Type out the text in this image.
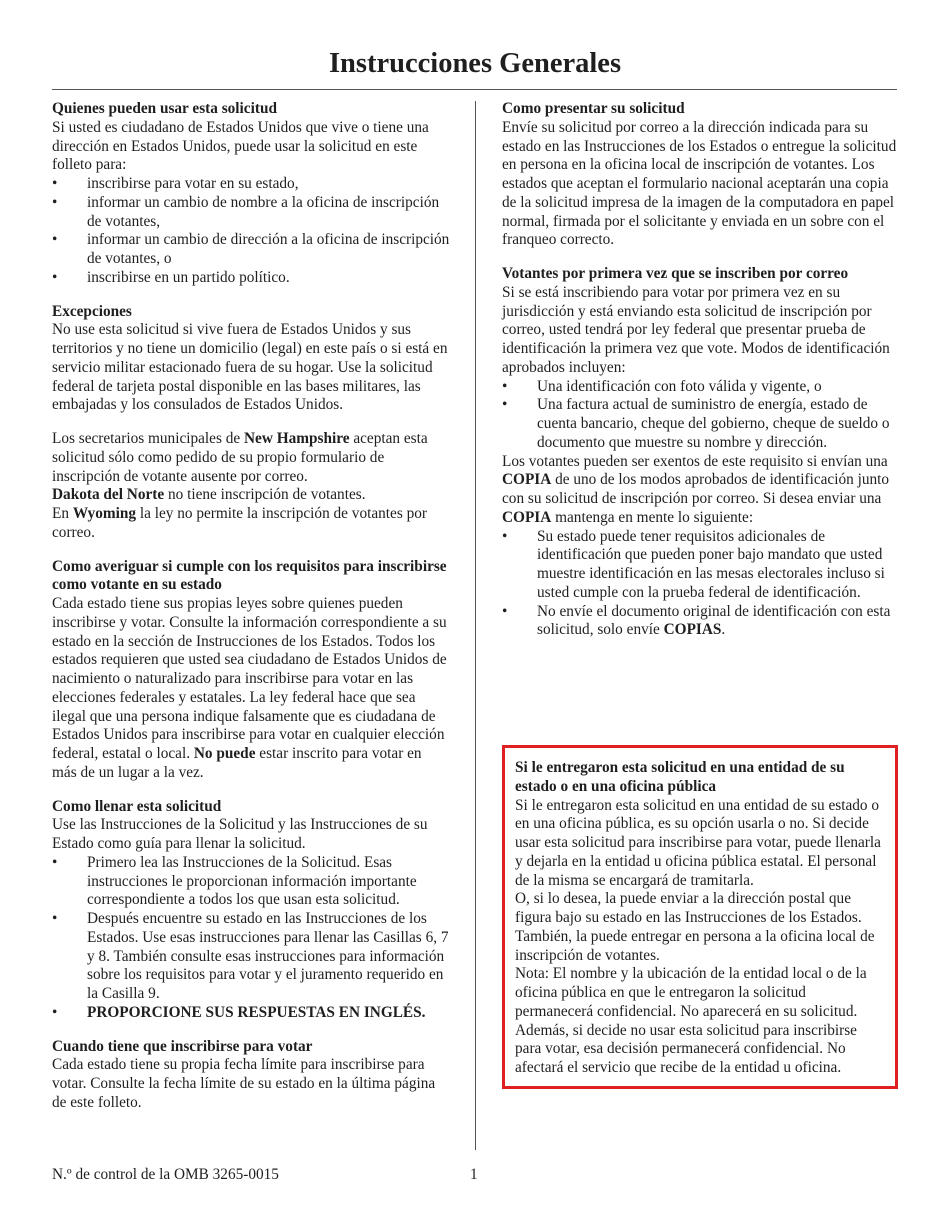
Instrucciones Generales
Quienes pueden usar esta solicitud

Si usted es ciudadano de Estados Unidos que vive o tiene una dirección en Estados Unidos, puede usar la solicitud en este folleto para:

• inscribirse para votar en su estado,
• informar un cambio de nombre a la oficina de inscripción de votantes,
• informar un cambio de dirección a la oficina de inscripción de votantes, o
• inscribirse en un partido político.
Excepciones

No use esta solicitud si vive fuera de Estados Unidos y sus territorios y no tiene un domicilio (legal) en este país o si está en servicio militar estacionado fuera de su hogar. Use la solicitud federal de tarjeta postal disponible en las bases militares, las embajadas y los consulados de Estados Unidos.

Los secretarios municipales de New Hampshire aceptan esta solicitud sólo como pedido de su propio formulario de inscripción de votante ausente por correo.

Dakota del Norte no tiene inscripción de votantes.

En Wyoming la ley no permite la inscripción de votantes por correo.

Como averiguar si cumple con los requisitos para inscribirse como votante en su estado

Cada estado tiene sus propias leyes sobre quienes pueden inscribirse y votar. Consulte la información correspondiente a su estado en la sección de Instrucciones de los Estados. Todos los estados requieren que usted sea ciudadano de Estados Unidos de nacimiento o naturalizado para inscribirse para votar en las elecciones federales y estatales. La ley federal hace que sea ilegal que una persona indique falsamente que es ciudadana de Estados Unidos para inscribirse para votar en cualquier elección federal, estatal o local. No puede estar inscrito para votar en más de un lugar a la vez.

Como llenar esta solicitud

Use las Instrucciones de la Solicitud y las Instrucciones de su Estado como guía para llenar la solicitud.

• Primero lea las Instrucciones de la Solicitud. Esas instrucciones le proporcionan información importante correspondiente a todos los que usan esta solicitud.
• Después encuentre su estado en las Instrucciones de los Estados. Use esas instrucciones para llenar las Casillas 6, 7 y 8. También consulte esas instrucciones para información sobre los requisitos para votar y el juramento requerido en la Casilla 9.
• PROPORCIONE SUS RESPUESTAS EN INGLÉS.
Cuando tiene que inscribirse para votar

Cada estado tiene su propia fecha límite para inscribirse para votar. Consulte la fecha límite de su estado en la última página de este folleto.

Como presentar su solicitud

Envíe su solicitud por correo a la dirección indicada para su estado en las Instrucciones de los Estados o entregue la solicitud en persona en la oficina local de inscripción de votantes. Los estados que aceptan el formulario nacional aceptarán una copia de la solicitud impresa de la imagen de la computadora en papel normal, firmada por el solicitante y enviada en un sobre con el franqueo correcto.

Votantes por primera vez que se inscriben por correo

Si se está inscribiendo para votar por primera vez en su jurisdicción y está enviando esta solicitud de inscripción por correo, usted tendrá por ley federal que presentar prueba de identificación la primera vez que vote. Modos de identificación aprobados incluyen:

• Una identificación con foto válida y vigente, o
• Una factura actual de suministro de energía, estado de cuenta bancario, cheque del gobierno, cheque de sueldo o documento que muestre su nombre y dirección.

Los votantes pueden ser exentos de este requisito si envían una COPIA de uno de los modos aprobados de identificación junto con su solicitud de inscripción por correo. Si desea enviar una COPIA mantenga en mente lo siguiente:

• Su estado puede tener requisitos adicionales de identificación que pueden poner bajo mandato que usted muestre identificación en las mesas electorales incluso si usted cumple con la prueba federal de identificación.
• No envíe el documento original de identificación con esta solicitud, solo envíe COPIAS.
Si le entregaron esta solicitud en una entidad de su estado o en una oficina pública

Si le entregaron esta solicitud en una entidad de su estado o en una oficina pública, es su opción usarla o no. Si decide usar esta solicitud para inscribirse para votar, puede llenarla y dejarla en la entidad u oficina pública estatal. El personal de la misma se encargará de tramitarla.

O, si lo desea, la puede enviar a la dirección postal que figura bajo su estado en las Instrucciones de los Estados. También, la puede entregar en persona a la oficina local de inscripción de votantes.

Nota: El nombre y la ubicación de la entidad local o de la oficina pública en que le entregaron la solicitud permanecerá confidencial. No aparecerá en su solicitud. Además, si decide no usar esta solicitud para inscribirse para votar, esa decisión permanecerá confidencial. No afectará el servicio que recibe de la entidad u oficina.

N.º de control de la OMB 3265-0015	1
